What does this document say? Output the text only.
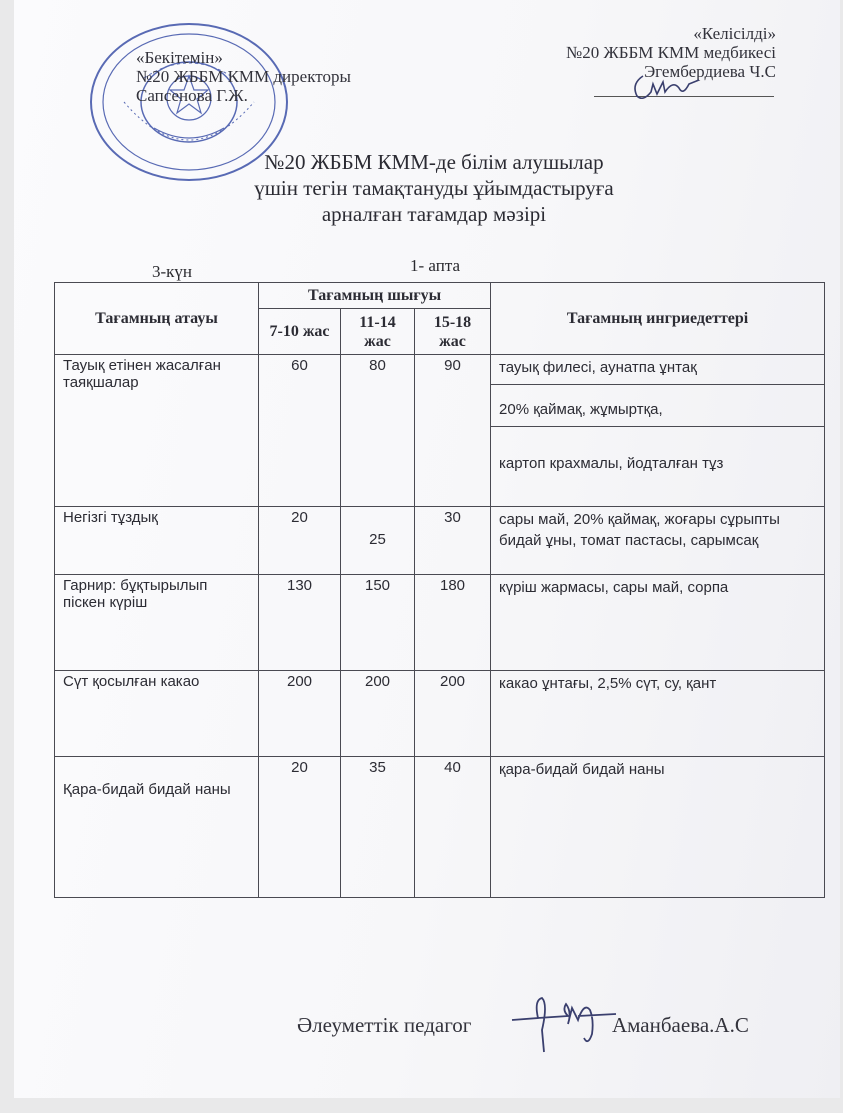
«Бекітемін»
№20 ЖББМ КММ директоры
Сапсенова Г.Ж.
«Келісілді»
№20 ЖББМ КММ медбикесі
Эгембердиева Ч.С
№20 ЖББМ КММ-де білім алушылар
үшін тегін тамақтануды ұйымдастыруға
арналған тағамдар мәзірі
3-күн	1- апта
Тағамның атауы	Тағамның шығуы			Тағамның ингриедеттері
	7-10 жас	11-14 жас	15-18 жас	
Тауық етінен жасалған таяқшалар	60	80	90	тауық филесі, аунатпа ұнтақ
20% қаймақ, жұмыртқа,
картоп крахмалы, йодталған тұз

Негізгі тұздық	20	25	30	сары май, 20% қаймақ, жоғары сұрыпты бидай ұны, томат пастасы, сарымсақ
Гарнир: бұқтырылып піскен күріш	130	150	180	күріш жармасы, сары май, сорпа
Сүт қосылған какао	200	200	200	какао ұнтағы, 2,5% сүт, су, қант
Қара-бидай бидай наны	20	35	40	қара-бидай бидай наны
Әлеуметтік педагог	Аманбаева.А.С
